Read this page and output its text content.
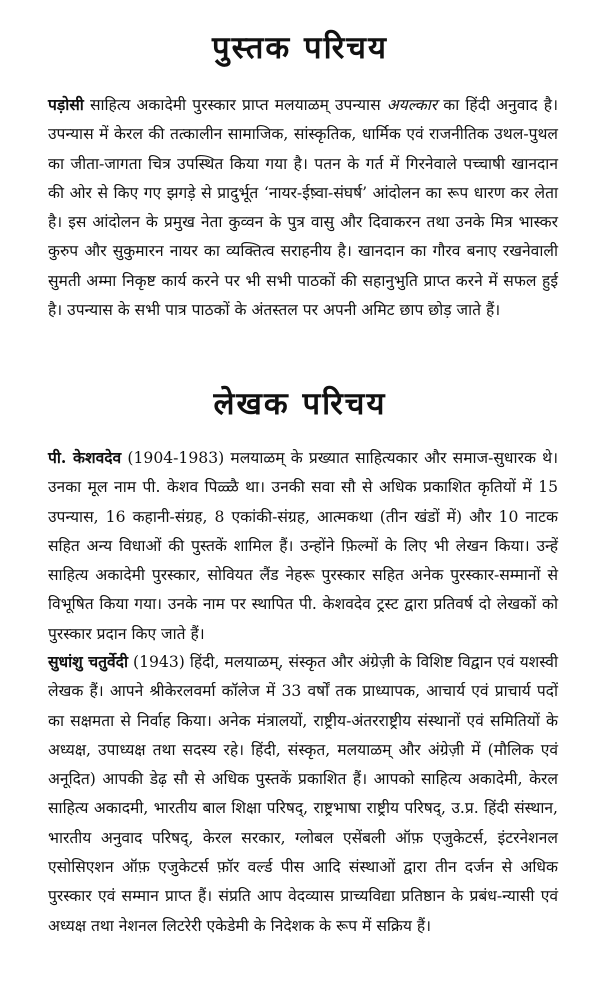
पुस्तक परिचय
पड़ोसी साहित्य अकादेमी पुरस्कार प्राप्त मलयाळम् उपन्यास अयल्कार का हिंदी अनुवाद है। उपन्यास में केरल की तत्कालीन सामाजिक, सांस्कृतिक, धार्मिक एवं राजनीतिक उथल-पुथल का जीता-जागता चित्र उपस्थित किया गया है। पतन के गर्त में गिरनेवाले पच्चाषी खानदान की ओर से किए गए झगड़े से प्रादुर्भूत ‘नायर-ईष़्वा-संघर्ष’ आंदोलन का रूप धारण कर लेता है। इस आंदोलन के प्रमुख नेता कुव्वन के पुत्र वासु और दिवाकरन तथा उनके मित्र भास्कर कुरुप और सुकुमारन नायर का व्यक्तित्व सराहनीय है। खानदान का गौरव बनाए रखनेवाली सुमती अम्मा निकृष्ट कार्य करने पर भी सभी पाठकों की सहानुभुति प्राप्त करने में सफल हुई है। उपन्यास के सभी पात्र पाठकों के अंतस्तल पर अपनी अमिट छाप छोड़ जाते हैं।
लेखक परिचय
पी. केशवदेव (1904-1983) मलयाळम् के प्रख्यात साहित्यकार और समाज-सुधारक थे। उनका मूल नाम पी. केशव पिळ्ळै था। उनकी सवा सौ से अधिक प्रकाशित कृतियों में 15 उपन्यास, 16 कहानी-संग्रह, 8 एकांकी-संग्रह, आत्मकथा (तीन खंडों में) और 10 नाटक सहित अन्य विधाओं की पुस्तकें शामिल हैं। उन्होंने फ़िल्मों के लिए भी लेखन किया। उन्हें साहित्य अकादेमी पुरस्कार, सोवियत लैंड नेहरू पुरस्कार सहित अनेक पुरस्कार-सम्मानों से विभूषित किया गया। उनके नाम पर स्थापित पी. केशवदेव ट्रस्ट द्वारा प्रतिवर्ष दो लेखकों को पुरस्कार प्रदान किए जाते हैं।
सुधांशु चतुर्वेदी (1943) हिंदी, मलयाळम्, संस्कृत और अंग्रेज़ी के विशिष्ट विद्वान एवं यशस्वी लेखक हैं। आपने श्रीकेरलवर्मा कॉलेज में 33 वर्षों तक प्राध्यापक, आचार्य एवं प्राचार्य पदों का सक्षमता से निर्वाह किया। अनेक मंत्रालयों, राष्ट्रीय-अंतरराष्ट्रीय संस्थानों एवं समितियों के अध्यक्ष, उपाध्यक्ष तथा सदस्य रहे। हिंदी, संस्कृत, मलयाळम् और अंग्रेज़ी में (मौलिक एवं अनूदित) आपकी डेढ़ सौ से अधिक पुस्तकें प्रकाशित हैं। आपको साहित्य अकादेमी, केरल साहित्य अकादमी, भारतीय बाल शिक्षा परिषद्, राष्ट्रभाषा राष्ट्रीय परिषद्, उ.प्र. हिंदी संस्थान, भारतीय अनुवाद परिषद्, केरल सरकार, ग्लोबल एसेंबली ऑफ़ एजुकेटर्स, इंटरनेशनल एसोसिएशन ऑफ़ एजुकेटर्स फ़ॉर वर्ल्ड पीस आदि संस्थाओं द्वारा तीन दर्जन से अधिक पुरस्कार एवं सम्मान प्राप्त हैं। संप्रति आप वेदव्यास प्राच्यविद्या प्रतिष्ठान के प्रबंध-न्यासी एवं अध्यक्ष तथा नेशनल लिटरेरी एकेडेमी के निदेशक के रूप में सक्रिय हैं।
